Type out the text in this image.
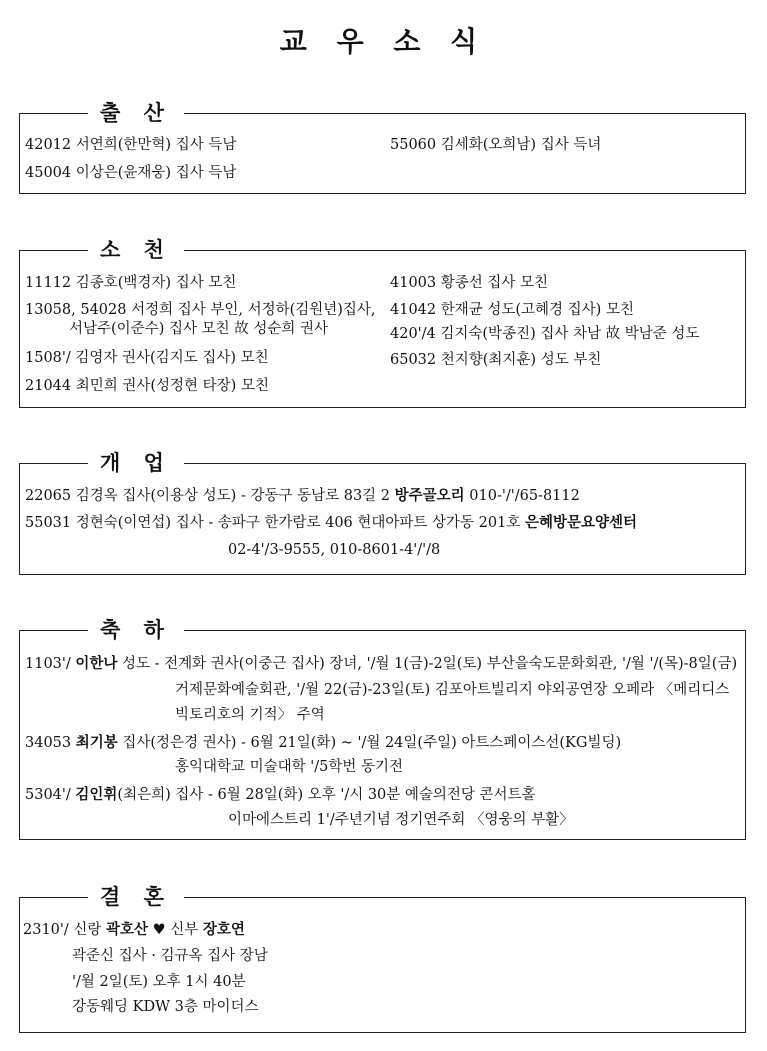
교 우 소 식
출 산
42012 서연희(한만혁) 집사 득남
45004 이상은(윤재웅) 집사 득남
55060 김세화(오희남) 집사 득녀
소 천
11112 김종호(백경자) 집사 모친
13058, 54028 서정희 집사 부인, 서정하(김원년)집사,
서남주(이준수) 집사 모친 故 성순희 권사
1508'/ 김영자 권사(김지도 집사) 모친
21044 최민희 권사(성정현 타장) 모친
41003 황종선 집사 모친
41042 한재균 성도(고혜경 집사) 모친
420'/4 김지숙(박종진) 집사 차남 故 박남준 성도
65032 천지향(최지훈) 성도 부친
개 업
22065 김경옥 집사(이용상 성도) - 강동구 동남로 83길 2 방주골오리 010-'/'/65-8112
55031 정현숙(이연섭) 집사 - 송파구 한가람로 406 현대아파트 상가동 201호 은혜방문요양센터
02-4'/3-9555, 010-8601-4'/'/8
축 하
1103'/ 이한나 성도 - 전계화 권사(이중근 집사) 장녀, '/월 1(금)-2일(토) 부산을숙도문화회관, '/월 '/(목)-8일(금)
거제문화예술회관, '/월 22(금)-23일(토) 김포아트빌리지 야외공연장 오페라 〈메리디스
빅토리호의 기적〉 주역
34053 최기봉 집사(정은경 권사) - 6월 21일(화) ~ '/월 24일(주일) 아트스페이스선(KG빌딩)
홍익대학교 미술대학 '/5학번 동기전
5304'/ 김인휘(최은희) 집사 - 6월 28일(화) 오후 '/시 30분 예술의전당 콘서트홀
이마에스트리 1'/주년기념 정기연주회 〈영웅의 부활〉
결 혼
2310'/ 신랑 곽호산 ♥ 신부 장호연
곽준신 집사 · 김규옥 집사 장남
'/월 2일(토) 오후 1시 40분
강동웨딩 KDW 3층 마이더스
